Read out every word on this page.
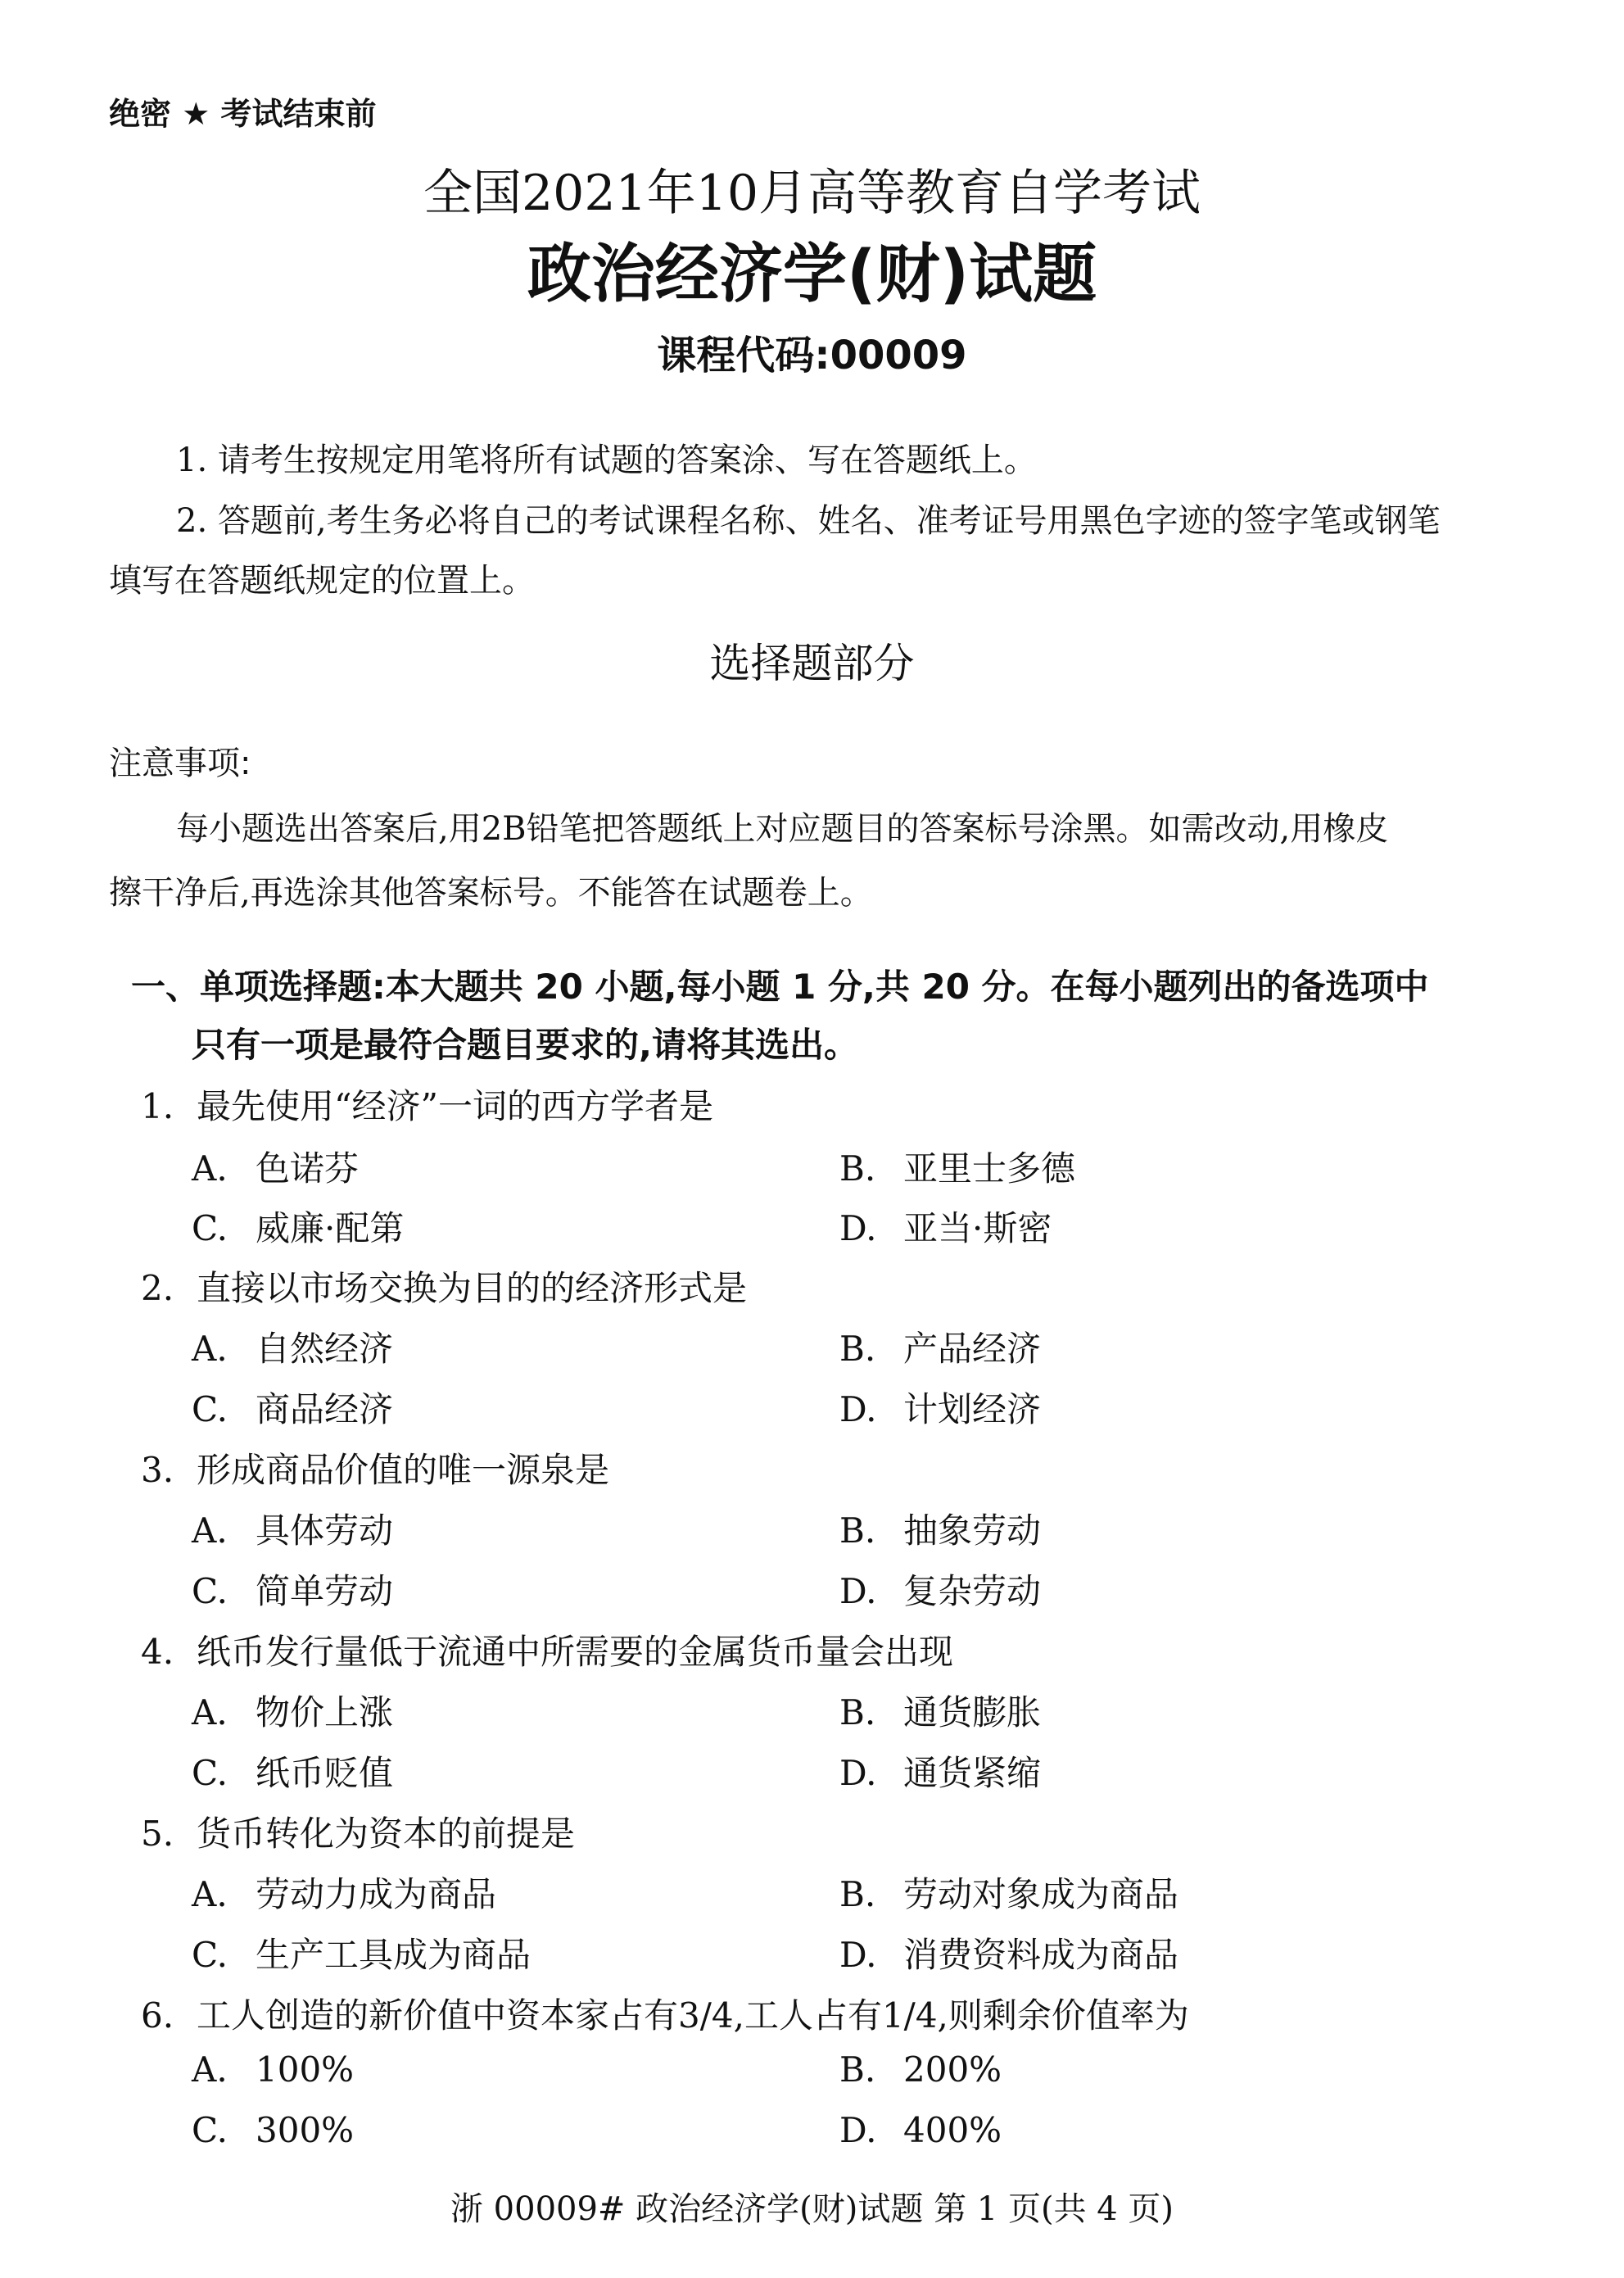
绝密 ★ 考试结束前
全国2021年10月高等教育自学考试
政治经济学(财)试题
课程代码:00009
1. 请考生按规定用笔将所有试题的答案涂、写在答题纸上。
2. 答题前,考生务必将自己的考试课程名称、姓名、准考证号用黑色字迹的签字笔或钢笔
填写在答题纸规定的位置上。
选择题部分
注意事项:
每小题选出答案后,用2B铅笔把答题纸上对应题目的答案标号涂黑。如需改动,用橡皮
擦干净后,再选涂其他答案标号。不能答在试题卷上。
一、单项选择题:本大题共 20 小题,每小题 1 分,共 20 分。在每小题列出的备选项中
只有一项是最符合题目要求的,请将其选出。
1. 最先使用“经济”一词的西方学者是
A. 色诺芬	B. 亚里士多德
C. 威廉·配第	D. 亚当·斯密
2. 直接以市场交换为目的的经济形式是
A. 自然经济	B. 产品经济
C. 商品经济	D. 计划经济
3. 形成商品价值的唯一源泉是
A. 具体劳动	B. 抽象劳动
C. 简单劳动	D. 复杂劳动
4. 纸币发行量低于流通中所需要的金属货币量会出现
A. 物价上涨	B. 通货膨胀
C. 纸币贬值	D. 通货紧缩
5. 货币转化为资本的前提是
A. 劳动力成为商品	B. 劳动对象成为商品
C. 生产工具成为商品	D. 消费资料成为商品
6. 工人创造的新价值中资本家占有3/4,工人占有1/4,则剩余价值率为
A. 100%	B. 200%
C. 300%	D. 400%
浙 00009# 政治经济学(财)试题 第 1 页(共 4 页)
